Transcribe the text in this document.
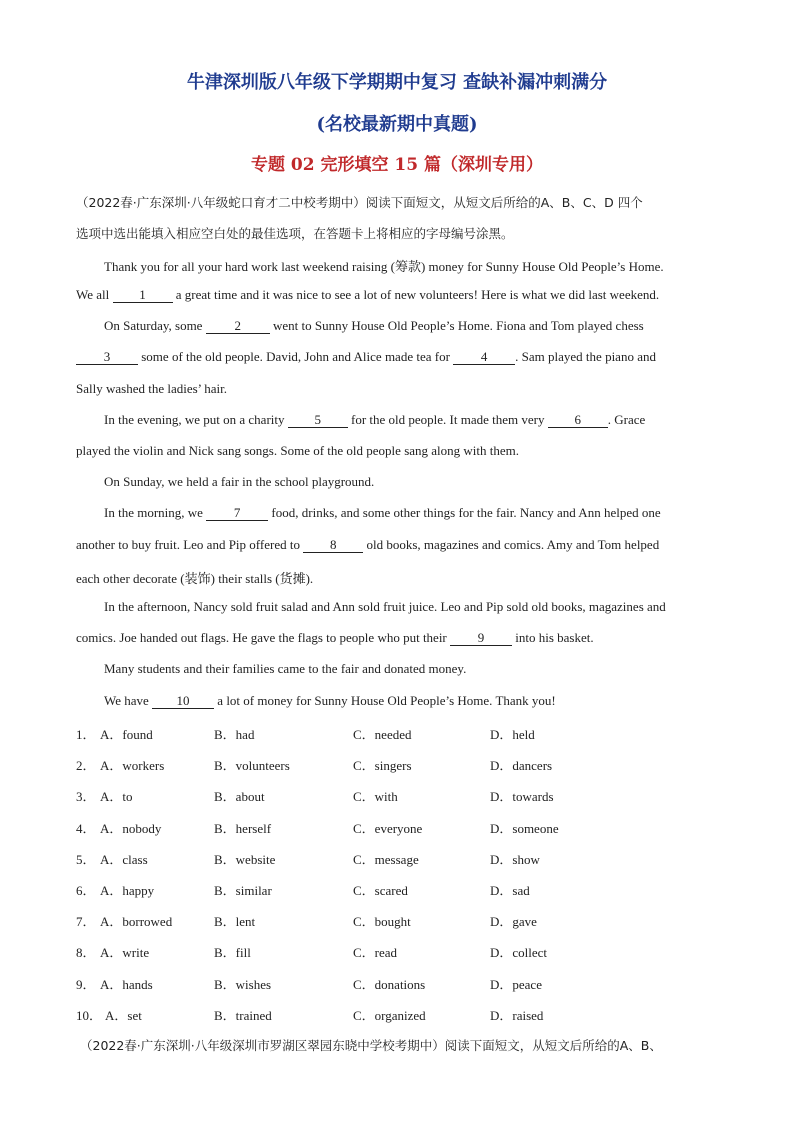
牛津深圳版八年级下学期期中复习 查缺补漏冲刺满分
(名校最新期中真题)
专题 02 完形填空 15 篇（深圳专用）
（2022春·广东深圳·八年级蛇口育才二中校考期中）阅读下面短文，从短文后所给的A、B、C、D 四个
选项中选出能填入相应空白处的最佳选项，在答题卡上将相应的字母编号涂黑。
Thank you for all your hard work last weekend raising (筹款) money for Sunny House Old People’s Home.
We all 1 a great time and it was nice to see a lot of new volunteers! Here is what we did last weekend.
On Saturday, some 2 went to Sunny House Old People’s Home. Fiona and Tom played chess
3 some of the old people. David, John and Alice made tea for 4 . Sam played the piano and
Sally washed the ladies’ hair.
In the evening, we put on a charity 5 for the old people. It made them very 6 . Grace
played the violin and Nick sang songs. Some of the old people sang along with them.
On Sunday, we held a fair in the school playground.
In the morning, we 7 food, drinks, and some other things for the fair. Nancy and Ann helped one
another to buy fruit. Leo and Pip offered to 8 old books, magazines and comics. Amy and Tom helped
each other decorate (装饰) their stalls (货摊).
In the afternoon, Nancy sold fruit salad and Ann sold fruit juice. Leo and Pip sold old books, magazines and
comics. Joe handed out flags. He gave the flags to people who put their 9 into his basket.
Many students and their families came to the fair and donated money.
We have 10 a lot of money for Sunny House Old People’s Home. Thank you!
1． A．found	B．had	C．needed	D．held
2． A．workers	B．volunteers	C．singers	D．dancers
3． A．to	B．about	C．with	D．towards
4． A．nobody	B．herself	C．everyone	D．someone
5． A．class	B．website	C．message	D．show
6． A．happy	B．similar	C．scared	D．sad
7． A．borrowed	B．lent	C．bought	D．gave
8． A．write	B．fill	C．read	D．collect
9． A．hands	B．wishes	C．donations	D．peace
10． A．set	B．trained	C．organized	D．raised
（2022春·广东深圳·八年级深圳市罗湖区翠园东晓中学校考期中）阅读下面短文，从短文后所给的A、B、
